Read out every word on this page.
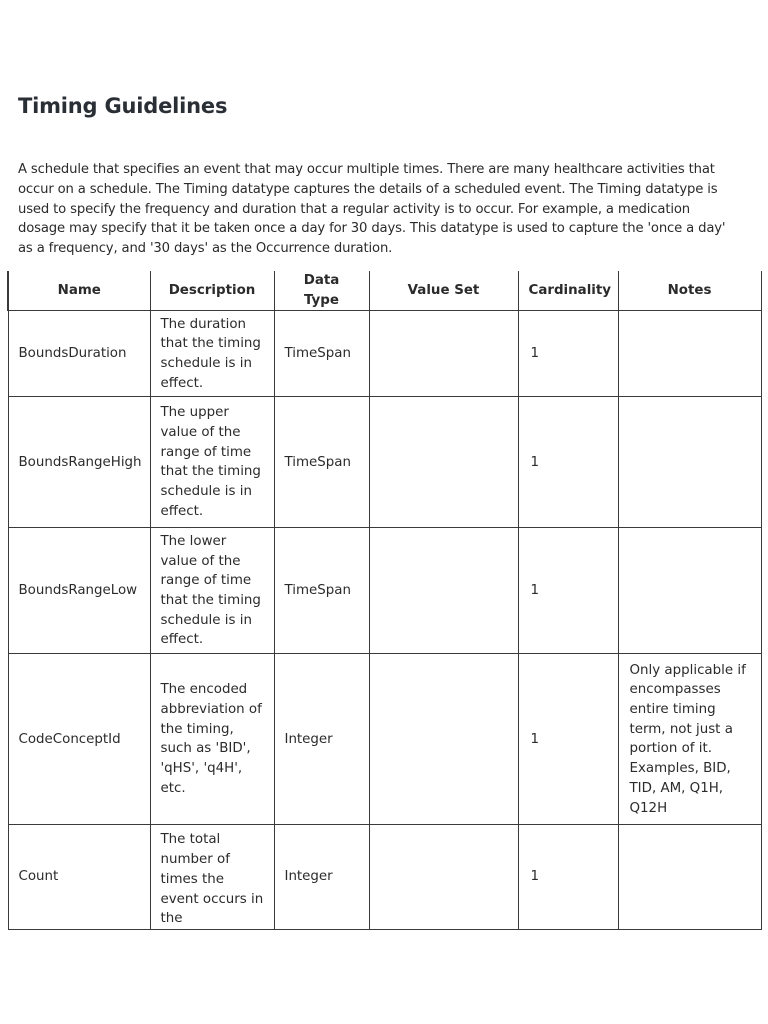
Timing Guidelines

A schedule that specifies an event that may occur multiple times. There are many healthcare activities that occur on a schedule. The Timing datatype captures the details of a scheduled event. The Timing datatype is used to specify the frequency and duration that a regular activity is to occur. For example, a medication dosage may specify that it be taken once a day for 30 days. This datatype is used to capture the 'once a day' as a frequency, and '30 days' as the Occurrence duration.

Name	Description	Data Type	Value Set	Cardinality	Notes
BoundsDuration	The duration that the timing schedule is in effect.	TimeSpan		1	
BoundsRangeHigh	The upper value of the range of time that the timing schedule is in effect.	TimeSpan		1	
BoundsRangeLow	The lower value of the range of time that the timing schedule is in effect.	TimeSpan		1	
CodeConceptId	The encoded abbreviation of the timing, such as 'BID', 'qHS', 'q4H', etc.	Integer		1	Only applicable if encompasses entire timing term, not just a portion of it. Examples, BID, TID, AM, Q1H, Q12H
Count	The total number of times the event occurs in the	Integer		1	
